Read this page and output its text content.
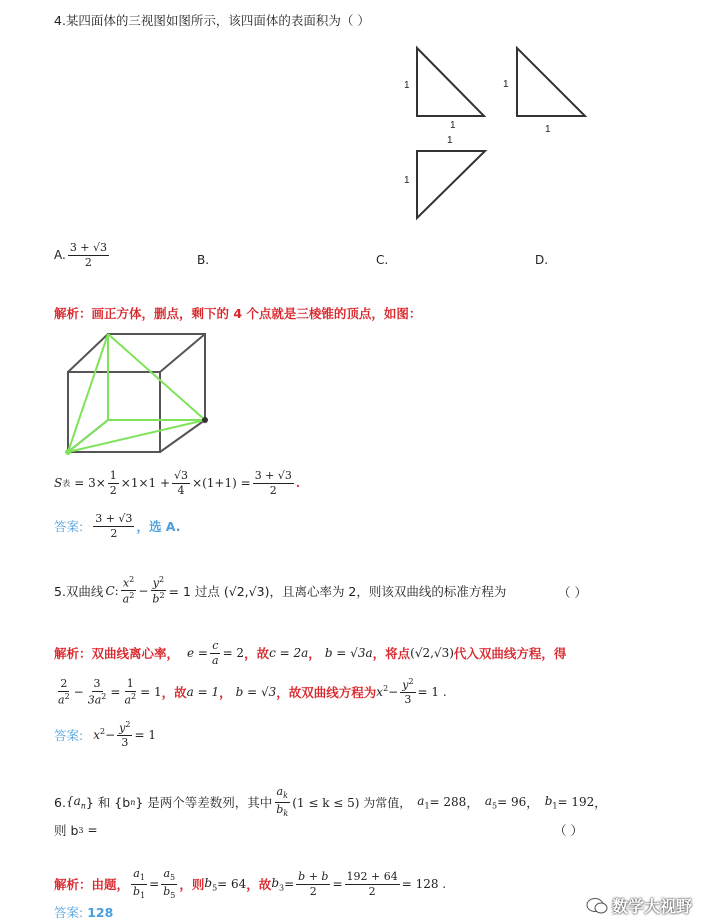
4.某四面体的三视图如图所示，该四面体的表面积为（ ）
1
1
1
1
1
1
A. $\frac{3 + √3}{2}$	B.	C.	D.
解析：画正方体，删点，剩下的 4 个点就是三棱锥的顶点，如图：
S 表 = $3\times \frac{1}{2} \times 1\times 1 + \frac{√3}{4} \times(1+1) = \frac{3 + √3}{2}$ .
答案: $\frac{3 + √3}{2}$ ，选 A.
5.双曲线 C : $\frac{x^2}{a^2} - \frac{y^2}{b^2} = 1$ 过点 (√2,√3)，且离心率为 2，则该双曲线的标准方程为	（ ）
解析：双曲线离心率， $e = \frac{c}{a} = 2$ ，故 c = 2a ， b = √3a ，将点 (√2,√3) 代入双曲线方程，得
$\frac{2}{a^2} - \frac{3}{3a^2} = \frac{1}{a^2} = 1$ ，故 a = 1 ， b = √3 ，故双曲线方程为 $x^2 - \frac{y^2}{3} = 1$ .
答案: $x^2 - \frac{y^2}{3} = 1$
6. {$a_n$ } 和 {b n } 是两个等差数列，其中 $\frac{a_k}{b_k} (1 \le k \le 5)$ 为常值， $a_1 = 288$ ， $a_5 = 96$ ， $b_1 = 192$ ，
则 b 3 =	（ ）
解析：由题， $\frac{a_1}{b_1} = \frac{a_5}{b_5}$ ，则 $b_5 = 64$ ，故 $b_3 = \frac{b + b}{2} = \frac{192 + 64}{2} = 128$ .
答案: 128	数学大视野
